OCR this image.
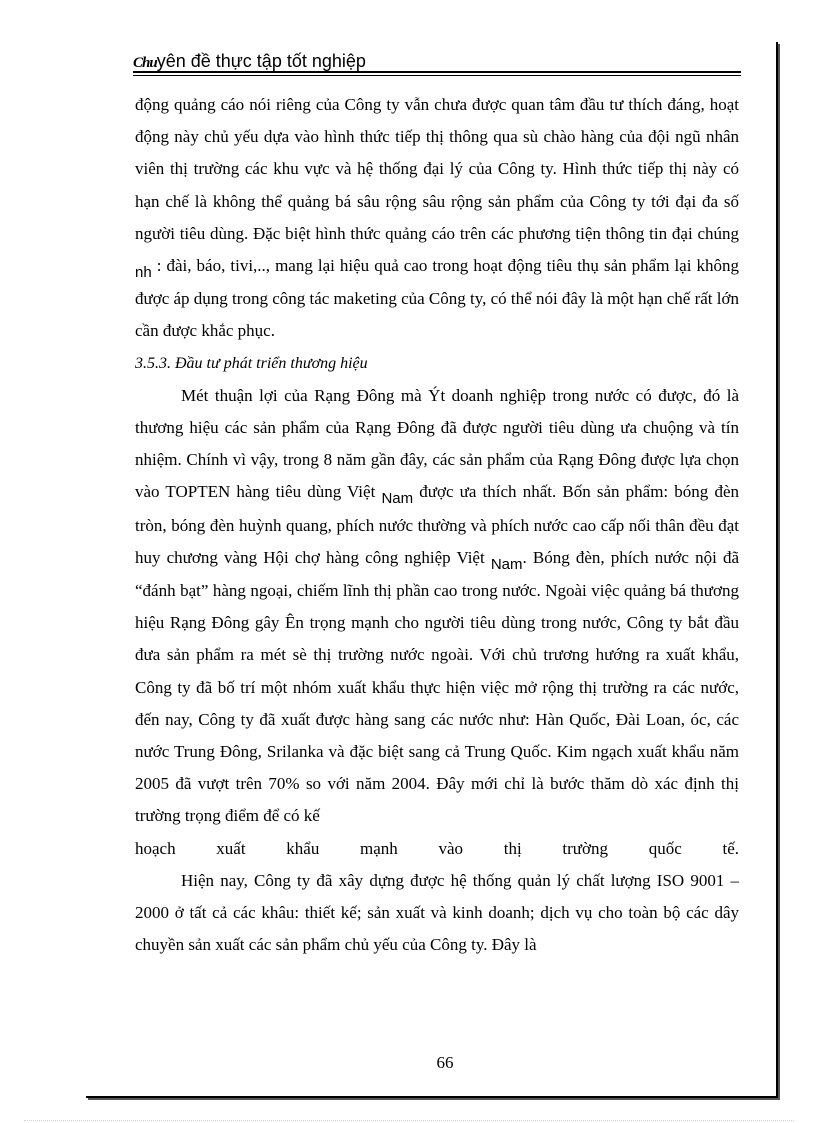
Chuyên đề thực tập tốt nghiệp

động quảng cáo nói riêng của Công ty vẫn chưa được quan tâm đầu tư thích đáng, hoạt động này chủ yếu dựa vào hình thức tiếp thị thông qua sù chào hàng của đội ngũ nhân viên thị trường các khu vực và hệ thống đại lý của Công ty. Hình thức tiếp thị này có hạn chế là không thể quảng bá sâu rộng sâu rộng sản phẩm của Công ty tới đại đa số người tiêu dùng. Đặc biệt hình thức quảng cáo trên các phương tiện thông tin đại chúng nh : đài, báo, tivi,.., mang lại hiệu quả cao trong hoạt động tiêu thụ sản phẩm lại không được áp dụng trong công tác maketing của Công ty, có thể nói đây là một hạn chế rất lớn cần được khắc phục.

3.5.3. Đầu tư phát triển thương hiệu

Mét thuận lợi của Rạng Đông mà Ýt doanh nghiệp trong nước có được, đó là thương hiệu các sản phẩm của Rạng Đông đã được người tiêu dùng ưa chuộng và tín nhiệm. Chính vì vậy, trong 8 năm gần đây, các sản phẩm của Rạng Đông được lựa chọn vào TOPTEN hàng tiêu dùng Việt Nam được ưa thích nhất. Bốn sản phẩm: bóng đèn tròn, bóng đèn huỳnh quang, phích nước thường và phích nước cao cấp nối thân đều đạt huy chương vàng Hội chợ hàng công nghiệp Việt Nam. Bóng đèn, phích nước nội đã “đánh bạt” hàng ngoại, chiếm lĩnh thị phần cao trong nước. Ngoài việc quảng bá thương hiệu Rạng Đông gây Ên trọng mạnh cho người tiêu dùng trong nước, Công ty bắt đầu đưa sản phẩm ra mét sè thị trường nước ngoài. Với chủ trương hướng ra xuất khẩu, Công ty đã bố trí một nhóm xuất khẩu thực hiện việc mở rộng thị trường ra các nước, đến nay, Công ty đã xuất được hàng sang các nước như: Hàn Quốc, Đài Loan, óc, các nước Trung Đông, Srilanka và đặc biệt sang cả Trung Quốc. Kim ngạch xuất khẩu năm 2005 đã vượt trên 70% so với năm 2004. Đây mới chỉ là bước thăm dò xác định thị trường trọng điểm để có kế

hoạch xuất khẩu mạnh vào thị trường quốc tế.

Hiện nay, Công ty đã xây dựng được hệ thống quản lý chất lượng ISO 9001 – 2000 ở tất cả các khâu: thiết kế; sản xuất và kinh doanh; dịch vụ cho toàn bộ các dây chuyền sản xuất các sản phẩm chủ yếu của Công ty. Đây là

66
